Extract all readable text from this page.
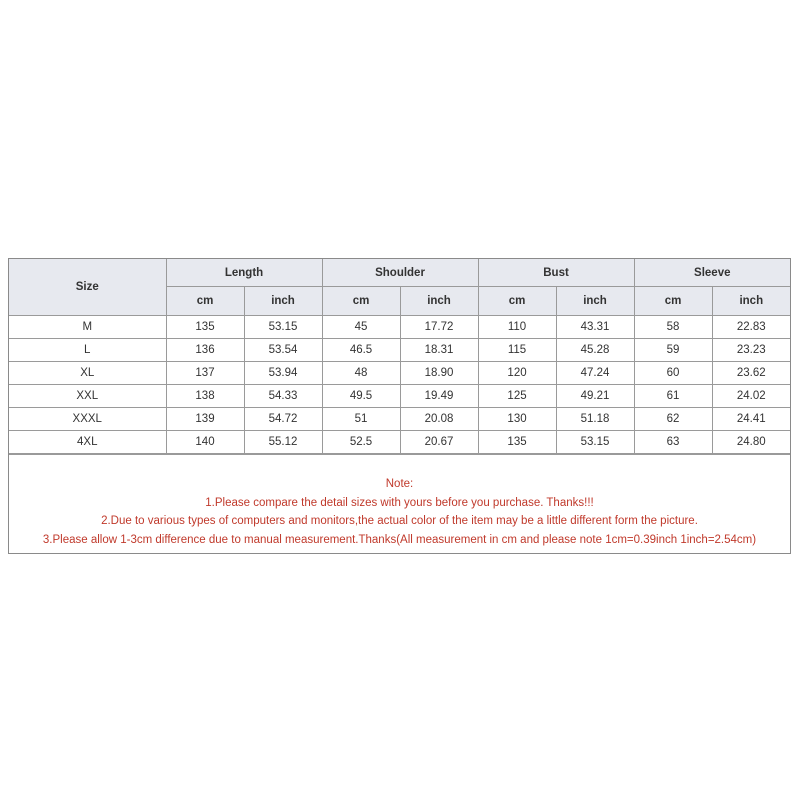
Size	Length		Shoulder		Bust		Sleeve	
	cm	inch	cm	inch	cm	inch	cm	inch
M	135	53.15	45	17.72	110	43.31	58	22.83
L	136	53.54	46.5	18.31	115	45.28	59	23.23
XL	137	53.94	48	18.90	120	47.24	60	23.62
XXL	138	54.33	49.5	19.49	125	49.21	61	24.02
XXXL	139	54.72	51	20.08	130	51.18	62	24.41
4XL	140	55.12	52.5	20.67	135	53.15	63	24.80
Note:
1.Please compare the detail sizes with yours before you purchase. Thanks!!!
2.Due to various types of computers and monitors,the actual color of the item may be a little different form the picture.
3.Please allow 1-3cm difference due to manual measurement.Thanks(All measurement in cm and please note 1cm=0.39inch 1inch=2.54cm)
